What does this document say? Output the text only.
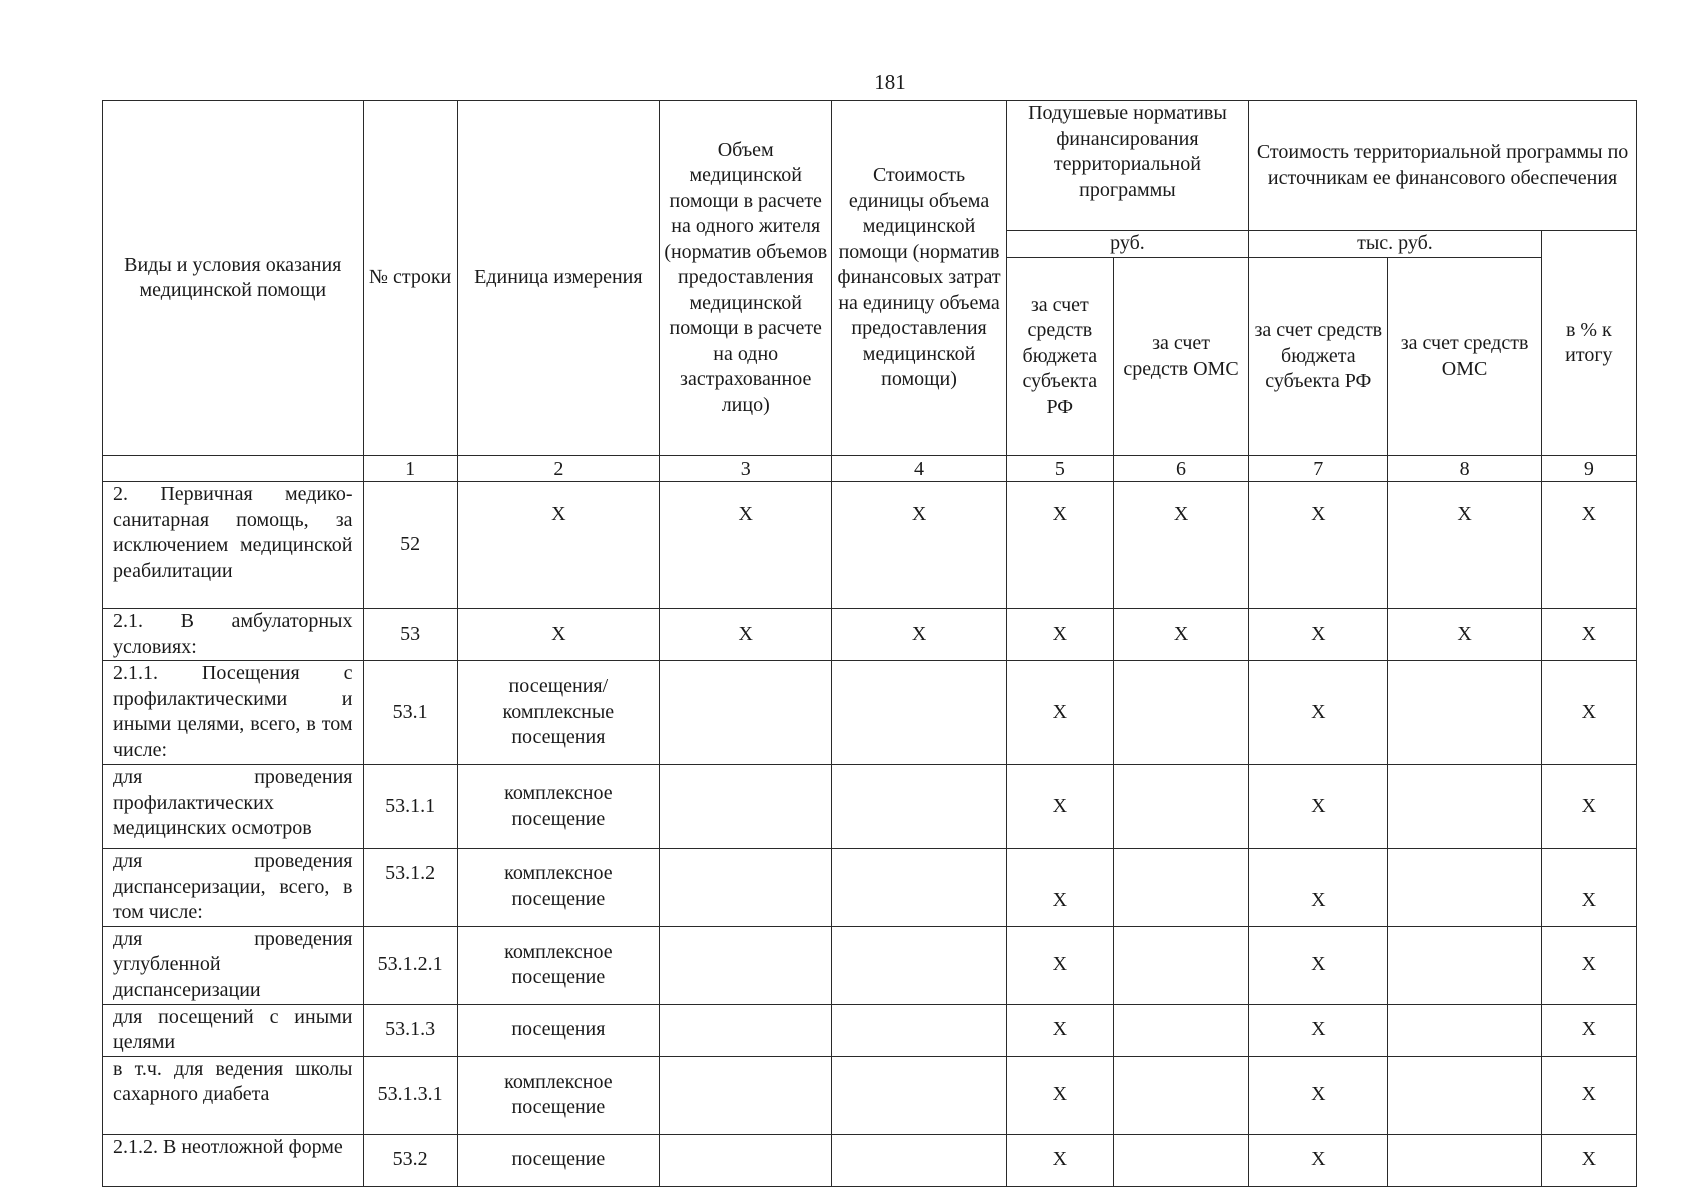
181
Виды и условия оказания медицинской помощи	№ строки	Единица измерения	Объем медицинской помощи в расчете на одного жителя (норматив объемов предоставления медицинской помощи в расчете на одно застрахованное лицо)	Стоимость единицы объема медицинской помощи (норматив финансовых затрат на единицу объема предоставления медицинской помощи)	Подушевые нормативы финансирования территориальной программы		Стоимость территориальной программы по источникам ее финансового обеспечения		
					руб.		тыс. руб.		в % к итогу
					за счет средств бюджета субъекта РФ	за счет средств ОМС	за счет средств бюджета субъекта РФ	за счет средств ОМС	
	1	2	3	4	5	6	7	8	9
2. Первичная медико-санитарная помощь, за исключением медицинской реабилитации	52	Х	Х	Х	Х	Х	Х	Х	Х
2.1. В амбулаторных условиях:	53	Х	Х	Х	Х	Х	Х	Х	Х
2.1.1. Посещения с профилактическими и иными целями, всего, в том числе:	53.1	посещения/ комплексные посещения			Х		Х		Х
для проведения профилактических медицинских осмотров	53.1.1	комплексное посещение			Х		Х		Х
для проведения диспансеризации, всего, в том числе:	53.1.2	комплексное посещение			Х		Х		Х
для проведения углубленной диспансеризации	53.1.2.1	комплексное посещение			Х		Х		Х
для посещений с иными целями	53.1.3	посещения			Х		Х		Х
в т.ч. для ведения школы сахарного диабета	53.1.3.1	комплексное посещение			Х		Х		Х
2.1.2. В неотложной форме	53.2	посещение			Х		Х		Х
